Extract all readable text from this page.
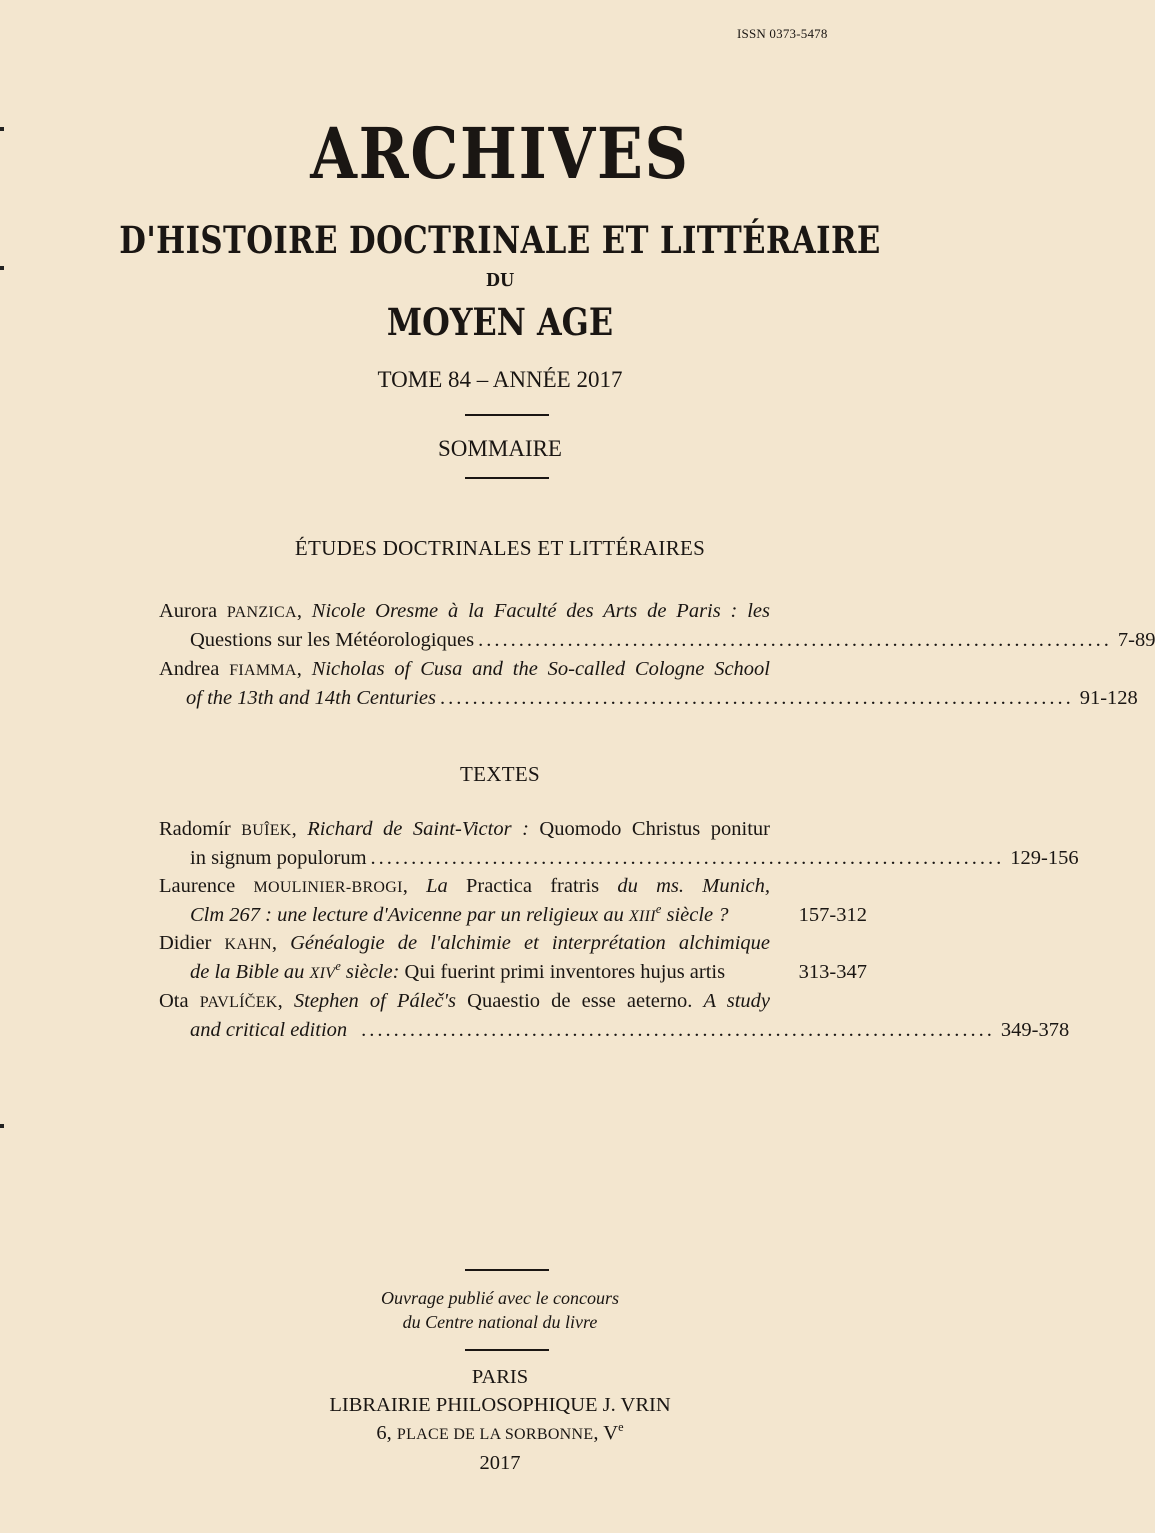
ISSN 0373-5478
ARCHIVES
D'HISTOIRE DOCTRINALE ET LITTÉRAIRE
DU
MOYEN AGE
TOME 84 – ANNÉE 2017
SOMMAIRE
ÉTUDES DOCTRINALES ET LITTÉRAIRES
Aurora PANZICA, Nicole Oresme à la Faculté des Arts de Paris : les
Questions sur les Météorologiques .............................................................................. 7-89
Andrea FIAMMA, Nicholas of Cusa and the So-called Cologne School
of the 13th and 14th Centuries .............................................................................. 91-128
TEXTES
Radomír BUÎEK, Richard de Saint-Victor : Quomodo Christus ponitur
in signum populorum .............................................................................. 129-156
Laurence MOULINIER-BROGI, La Practica fratris du ms. Munich,
Clm 267 : une lecture d'Avicenne par un religieux au XIIIe siècle ?	157-312
Didier KAHN, Généalogie de l'alchimie et interprétation alchimique
de la Bible au XIVe siècle: Qui fuerint primi inventores hujus artis	313-347
Ota PAVLÍČEK, Stephen of Páleč's Quaestio de esse aeterno. A study
and critical edition .............................................................................. 349-378
Ouvrage publié avec le concours
du Centre national du livre
PARIS
LIBRAIRIE PHILOSOPHIQUE J. VRIN
6, PLACE DE LA SORBONNE, Ve
2017
